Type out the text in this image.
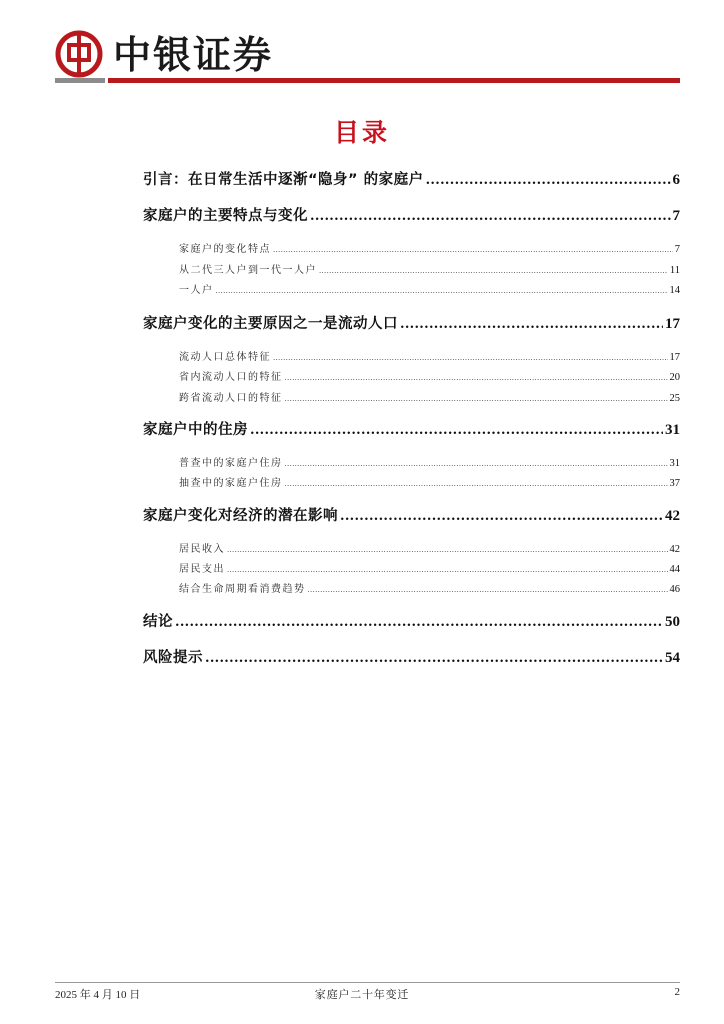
中银证券
目录
引言：在日常生活中逐渐“隐身” 的家庭户 .....	6
家庭户的主要特点与变化 .....	7
家庭户的变化特点 .....	7
从二代三人户到一代一人户 .....	11
一人户 .....	14
家庭户变化的主要原因之一是流动人口 .....	17
流动人口总体特征 .....	17
省内流动人口的特征 .....	20
跨省流动人口的特征 .....	25
家庭户中的住房 .....	31
普查中的家庭户住房 .....	31
抽查中的家庭户住房 .....	37
家庭户变化对经济的潜在影响 .....	42
居民收入 .....	42
居民支出 .....	44
结合生命周期看消费趋势 .....	46
结论 .....	50
风险提示 .....	54
2025 年 4 月 10 日	家庭户二十年变迁	2
